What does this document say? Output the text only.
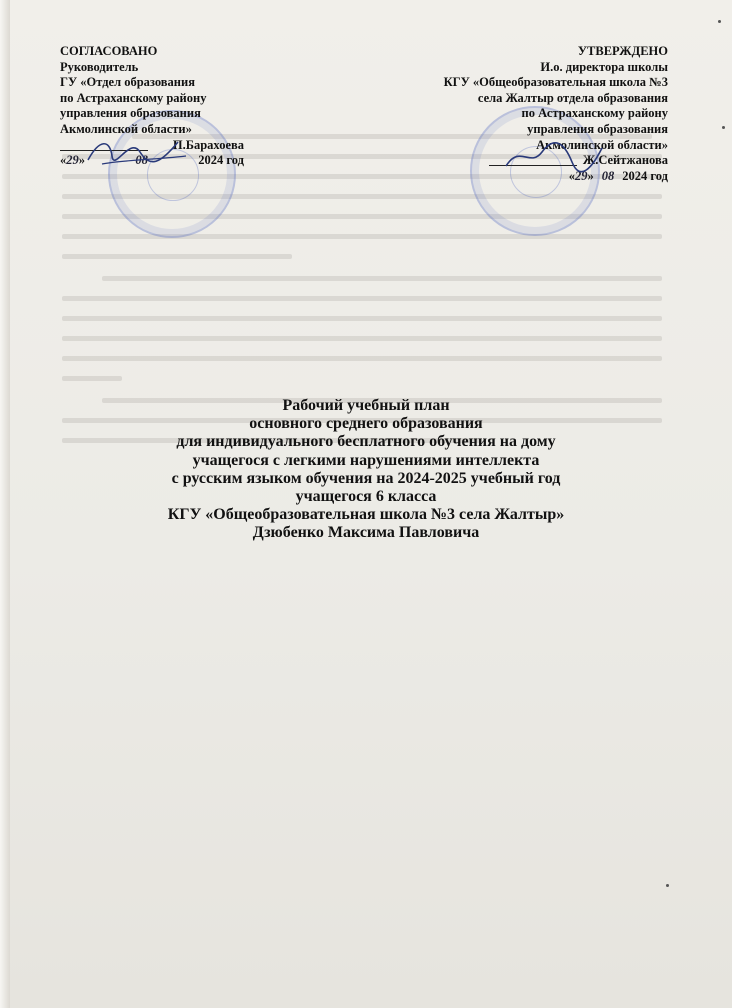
СОГЛАСОВАНО
Руководитель
ГУ «Отдел образования
по Астраханскому району
управления образования
Акмолинской области»
П.Барахоева
«29»	08	2024 год
УТВЕРЖДЕНО
И.о. директора школы
КГУ «Общеобразовательная школа №3
села Жалтыр отдела образования
по Астраханскому району
управления образования
Акмолинской области»
Ж.Сейтжанова
«29» 08 2024 год
Рабочий учебный план
основного среднего образования
для индивидуального бесплатного обучения на дому
учащегося с легкими нарушениями интеллекта
с русским языком обучения на 2024-2025 учебный год
учащегося 6 класса
КГУ «Общеобразовательная школа №3 села Жалтыр»
Дзюбенко Максима Павловича
